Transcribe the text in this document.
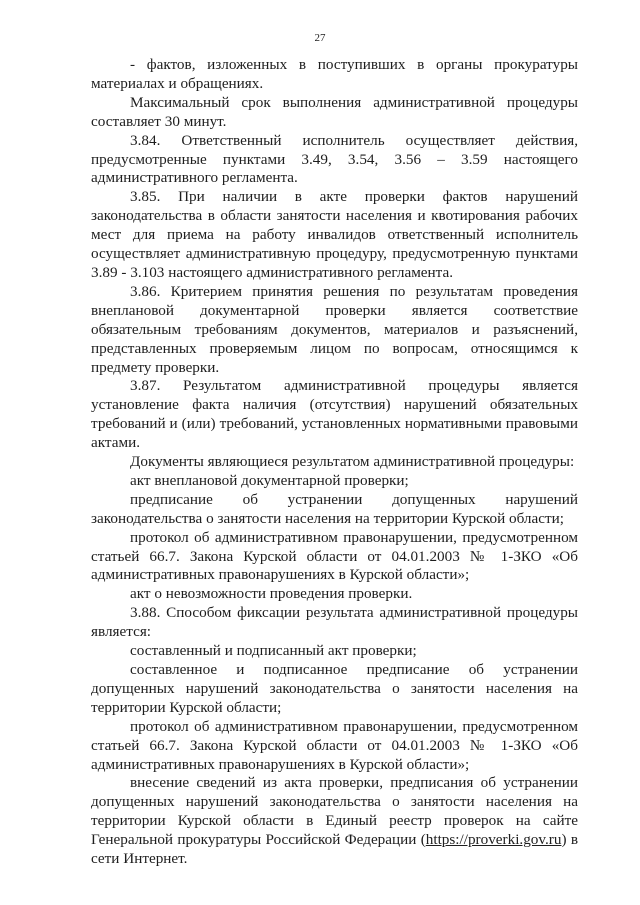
27

- фактов, изложенных в поступивших в органы прокуратуры материалах и обращениях.

Максимальный срок выполнения административной процедуры составляет 30 минут.

3.84. Ответственный исполнитель осуществляет действия, предусмотренные пунктами 3.49, 3.54, 3.56 – 3.59 настоящего административного регламента.

3.85. При наличии в акте проверки фактов нарушений законодательства в области занятости населения и квотирования рабочих мест для приема на работу инвалидов ответственный исполнитель осуществляет административную процедуру, предусмотренную пунктами 3.89 - 3.103 настоящего административного регламента.

3.86. Критерием принятия решения по результатам проведения внеплановой документарной проверки является соответствие обязательным требованиям документов, материалов и разъяснений, представленных проверяемым лицом по вопросам, относящимся к предмету проверки.

3.87. Результатом административной процедуры является установление факта наличия (отсутствия) нарушений обязательных требований и (или) требований, установленных нормативными правовыми актами.

Документы являющиеся результатом административной процедуры:

акт внеплановой документарной проверки;

предписание об устранении допущенных нарушений законодательства о занятости населения на территории Курской области;

протокол об административном правонарушении, предусмотренном статьей 66.7. Закона Курской области от 04.01.2003 № 1-ЗКО «Об административных правонарушениях в Курской области»;

акт о невозможности проведения проверки.

3.88. Способом фиксации результата административной процедуры является:

составленный и подписанный акт проверки;

составленное и подписанное предписание об устранении допущенных нарушений законодательства о занятости населения на территории Курской области;

протокол об административном правонарушении, предусмотренном статьей 66.7. Закона Курской области от 04.01.2003 № 1-ЗКО «Об административных правонарушениях в Курской области»;

внесение сведений из акта проверки, предписания об устранении допущенных нарушений законодательства о занятости населения на территории Курской области в Единый реестр проверок на сайте Генеральной прокуратуры Российской Федерации (https://proverki.gov.ru) в сети Интернет.
